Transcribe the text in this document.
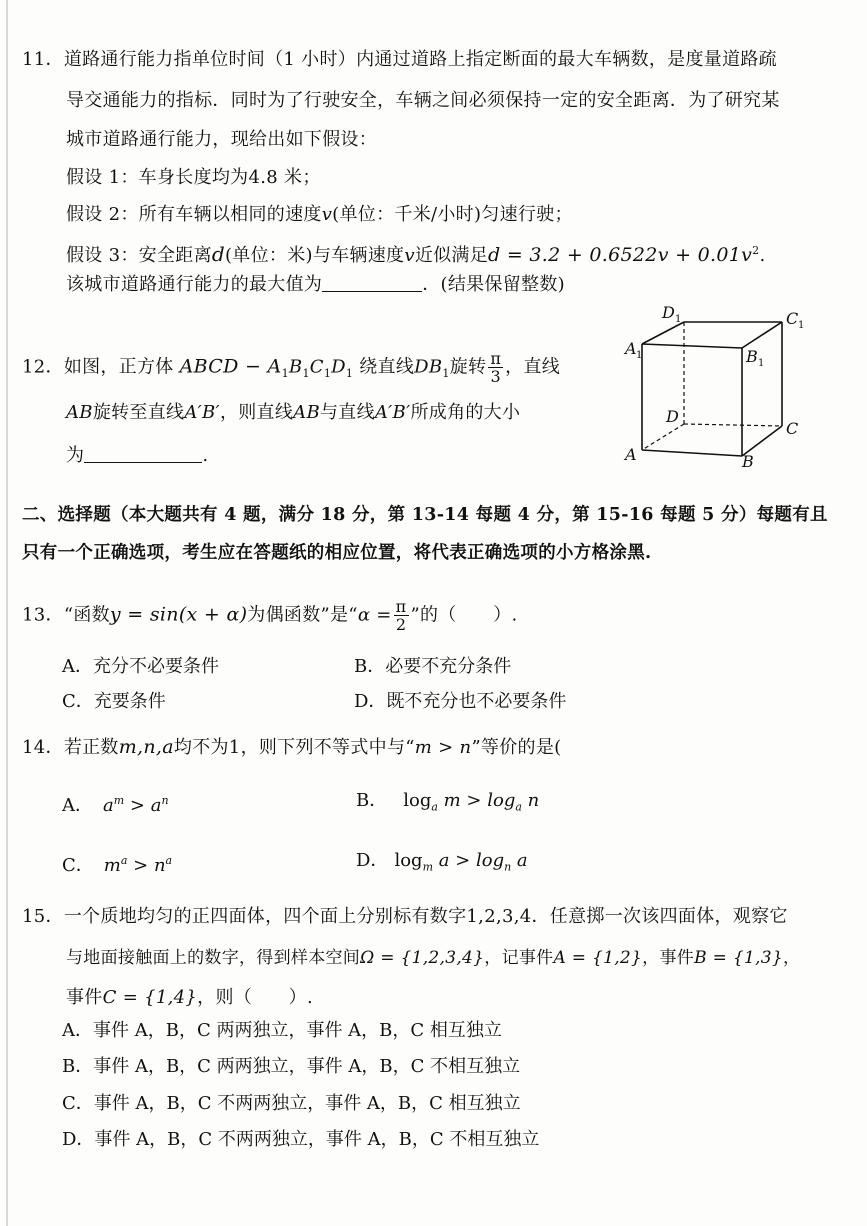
11．道路通行能力指单位时间（1 小时）内通过道路上指定断面的最大车辆数，是度量道路疏
导交通能力的指标．同时为了行驶安全，车辆之间必须保持一定的安全距离．为了研究某
城市道路通行能力，现给出如下假设：
假设 1：车身长度均为4.8 米；
假设 2：所有车辆以相同的速度v(单位：千米/小时)匀速行驶；
假设 3：安全距离d(单位：米)与车辆速度v近似满足$d = 3.2 + 0.6522v + 0.01v^2$.
该城市道路通行能力的最大值为	．(结果保留整数)
12．如图，正方体 ABCD − $A_1B_1C_1D_1$ 绕直线$DB_1$旋转 $\frac{\pi}{3}$ ，直线
AB旋转至直线A′B′，则直线AB与直线A′B′所成角的大小
为	.	A	B
C
D
A 1	B 1
C 1
D 1
二、选择题（本大题共有 4 题，满分 18 分，第 13-14 每题 4 分，第 15-16 每题 5 分）每题有且
只有一个正确选项，考生应在答题纸的相应位置，将代表正确选项的小方格涂黑.
13．“函数y = sin(x + α)为偶函数”是“$\alpha = \frac{\pi}{2}$ ”的（　　）.
A．充分不必要条件	B．必要不充分条件
C．充要条件	D．既不充分也不必要条件
14．若正数m,n,a均不为1，则下列不等式中与“m > n”等价的是(
A． $a^m > a^n$	B． $\log_a m > \log_a n$
C． $m^a > n^a$	D． $\log_m a > \log_n a$
15．一个质地均匀的正四面体，四个面上分别标有数字1,2,3,4．任意掷一次该四面体，观察它
与地面接触面上的数字，得到样本空间Ω = {1,2,3,4}，记事件A = {1,2}，事件B = {1,3}，
事件C = {1,4}，则（　　）.
A．事件 A，B，C 两两独立，事件 A，B，C 相互独立
B．事件 A，B，C 两两独立，事件 A，B，C 不相互独立
C．事件 A，B，C 不两两独立，事件 A，B，C 相互独立
D．事件 A，B，C 不两两独立，事件 A，B，C 不相互独立
